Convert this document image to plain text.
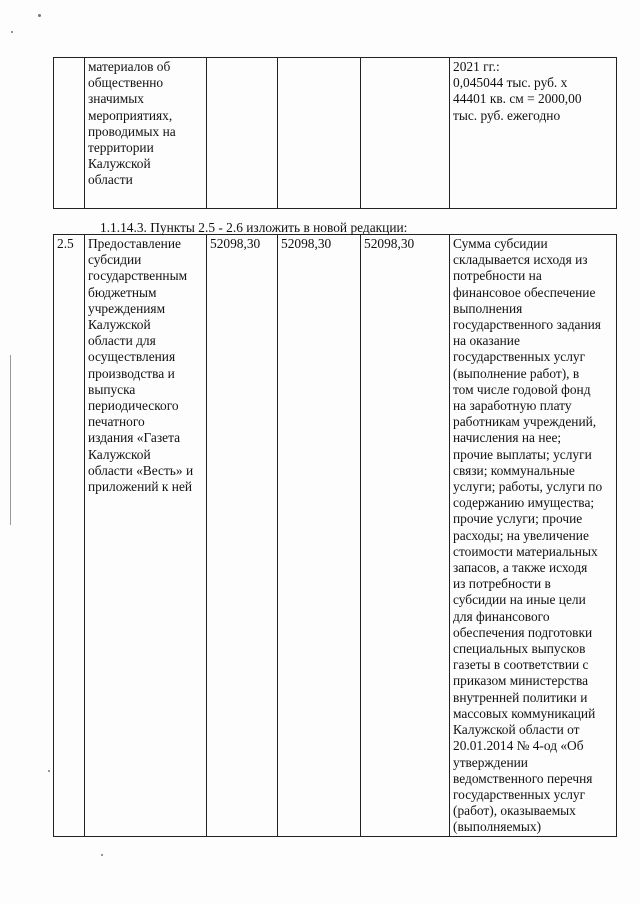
	материалов об
общественно
значимых
мероприятиях,
проводимых на
территории
Калужской
области				2021 гг.:
0,045044 тыс. руб. х
44401 кв. см = 2000,00
тыс. руб. ежегодно
1.1.14.3. Пункты 2.5 - 2.6 изложить в новой редакции:
2.5	Предоставление
субсидии
государственным
бюджетным
учреждениям
Калужской
области для
осуществления
производства и
выпуска
периодического
печатного
издания «Газета
Калужской
области «Весть» и
приложений к ней	52098,30	52098,30	52098,30	Сумма субсидии
складывается исходя из
потребности на
финансовое обеспечение
выполнения
государственного задания
на оказание
государственных услуг
(выполнение работ), в
том числе годовой фонд
на заработную плату
работникам учреждений,
начисления на нее;
прочие выплаты; услуги
связи; коммунальные
услуги; работы, услуги по
содержанию имущества;
прочие услуги; прочие
расходы; на увеличение
стоимости материальных
запасов, а также исходя
из потребности в
субсидии на иные цели
для финансового
обеспечения подготовки
специальных выпусков
газеты в соответствии с
приказом министерства
внутренней политики и
массовых коммуникаций
Калужской области от
20.01.2014 № 4-од «Об
утверждении
ведомственного перечня
государственных услуг
(работ), оказываемых
(выполняемых)
